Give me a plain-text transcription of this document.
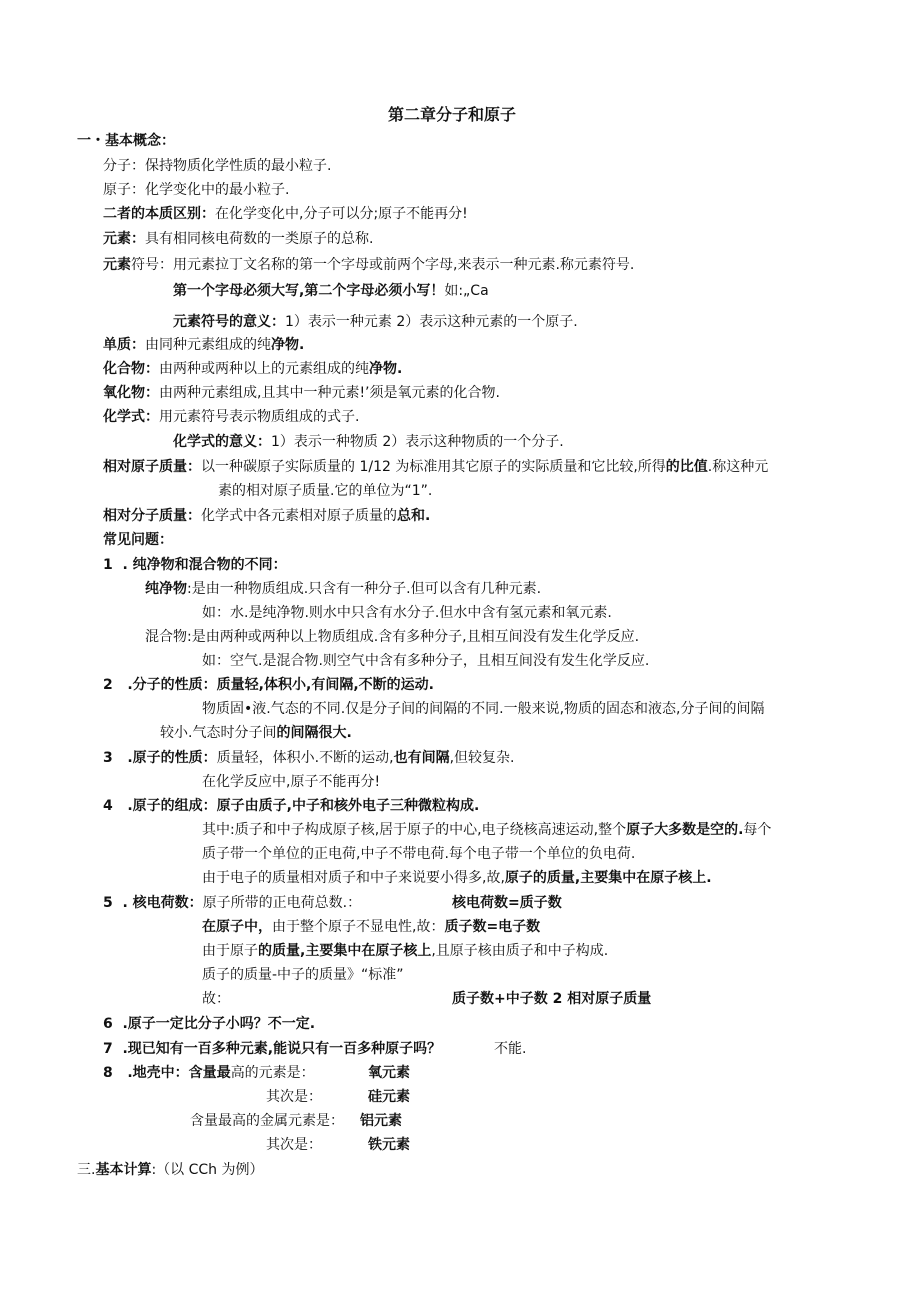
第二章分子和原子
一・基本概念：
分子：保持物质化学性质的最小粒子.
原子：化学变化中的最小粒子.
二者的本质区别：在化学变化中,分子可以分;原子不能再分!
元素：具有相同核电荷数的一类原子的总称.
元素符号：用元素拉丁文名称的第一个字母或前两个字母,来表示一种元素.称元素符号.
第一个字母必须大写,第二个字母必须小写！如:„Ca
元素符号的意义：1）表示一种元素 2）表示这种元素的一个原子.
单质：由同种元素组成的纯净物.
化合物：由两种或两种以上的元素组成的纯净物.
氧化物：由两种元素组成,且其中一种元素!’须是氧元素的化合物.
化学式：用元素符号表示物质组成的式子.
化学式的意义：1）表示一种物质 2）表示这种物质的一个分子.
相对原子质量：以一种碳原子实际质量的 1/12 为标准用其它原子的实际质量和它比较,所得的比值.称这种元
素的相对原子质量.它的单位为“1”.
相对分子质量：化学式中各元素相对原子质量的总和.
常见问题：
1  . 纯净物和混合物的不同：
纯净物:是由一种物质组成.只含有一种分子.但可以含有几种元素.
如：水.是纯净物.则水中只含有水分子.但水中含有氢元素和氧元素.
混合物:是由两种或两种以上物质组成.含有多种分子,且相互间没有发生化学反应.
如：空气.是混合物.则空气中含有多种分子，且相互间没有发生化学反应.
2   .分子的性质：质量轻,体积小,有间隔,不断的运动.
物质固•液.气态的不同.仅是分子间的间隔的不同.一般来说,物质的固态和液态,分子间的间隔
较小.气态时分子间的间隔很大.
3   .原子的性质：质量轻，体积小.不断的运动,也有间隔,但较复杂.
在化学反应中,原子不能再分!
4   .原子的组成：原子由质子,中子和核外电子三种微粒构成.
其中:质子和中子构成原子核,居于原子的中心,电子绕核高速运动,整个原子大多数是空的.每个
质子带一个单位的正电荷,中子不带电荷.每个电子带一个单位的负电荷.
由于电子的质量相对质子和中子来说要小得多,故,原子的质量,主要集中在原子核上.
5  . 核电荷数：原子所带的正电荷总数.：	核电荷数=质子数
在原子中，由于整个原子不显电性,故：质子数=电子数
由于原子的质量,主要集中在原子核上,且原子核由质子和中子构成.
质子的质量-中子的质量》“标准”
故：	质子数+中子数 2 相对原子质量
6  .原子一定比分子小吗？不一定.
7  .现已知有一百多种元素,能说只有一百多种原子吗？	不能.
8   .地壳中：含量最高的元素是：	氧元素
其次是：	硅元素
含量最高的金属元素是： 铝元素
其次是：	铁元素
三.基本计算:（以 CCh 为例）
